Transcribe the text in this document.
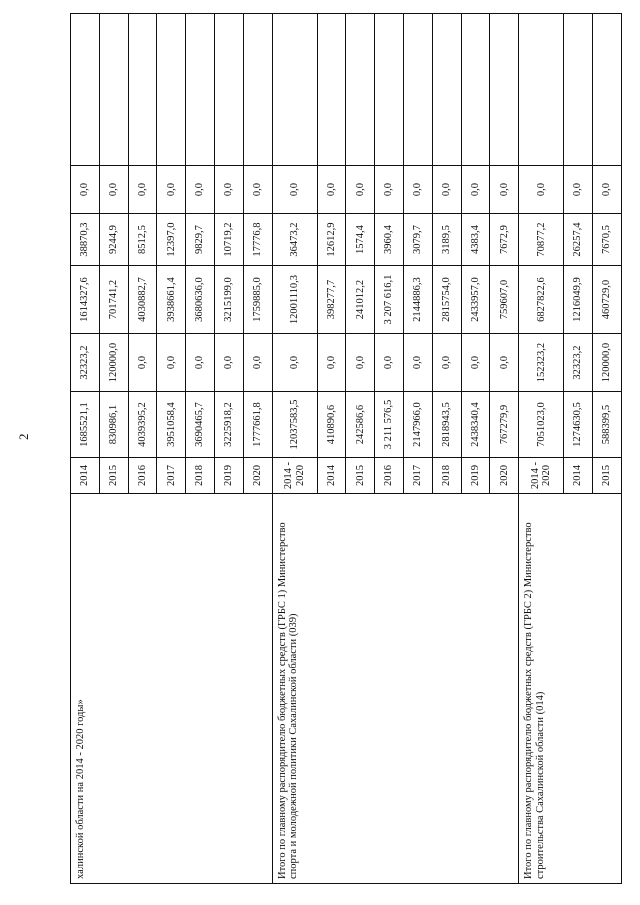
2
халинской области на 2014 - 2020 годы»	2014	1685521,1	32323,2	1614327,6	38870,3	0,0	
	2015	830986,1	120000,0	701741,2	9244,9	0,0	
	2016	4039395,2	0,0	4030882,7	8512,5	0,0	
	2017	3951058,4	0,0	3938661,4	12397,0	0,0	
	2018	3690465,7	0,0	3680636,0	9829,7	0,0	
	2019	3225918,2	0,0	3215199,0	10719,2	0,0	
	2020	1777661,8	0,0	1759885,0	17776,8	0,0	
Итого по главному распорядителю бюджетных средств (ГРБС 1) Министерство спорта и молодежной политики Сахалинской области (039)	2014 - 2020	12037583,5	0,0	12001110,3	36473,2	0,0	
	2014	410890,6	0,0	398277,7	12612,9	0,0	
	2015	242586,6	0,0	241012,2	1574,4	0,0	
	2016	3 211 576,5	0,0	3 207 616,1	3960,4	0,0	
	2017	2147966,0	0,0	2144886,3	3079,7	0,0	
	2018	2818943,5	0,0	2815754,0	3189,5	0,0	
	2019	2438340,4	0,0	2433957,0	4383,4	0,0	
	2020	767279,9	0,0	759607,0	7672,9	0,0	
Итого по главному распорядителю бюджетных средств (ГРБС 2) Министерство строительства Сахалинской области (014)	2014 - 2020	7051023,0	152323,2	6827822,6	70877,2	0,0	
	2014	1274630,5	32323,2	1216049,9	26257,4	0,0	
	2015	588399,5	120000,0	460729,0	7670,5	0,0	
